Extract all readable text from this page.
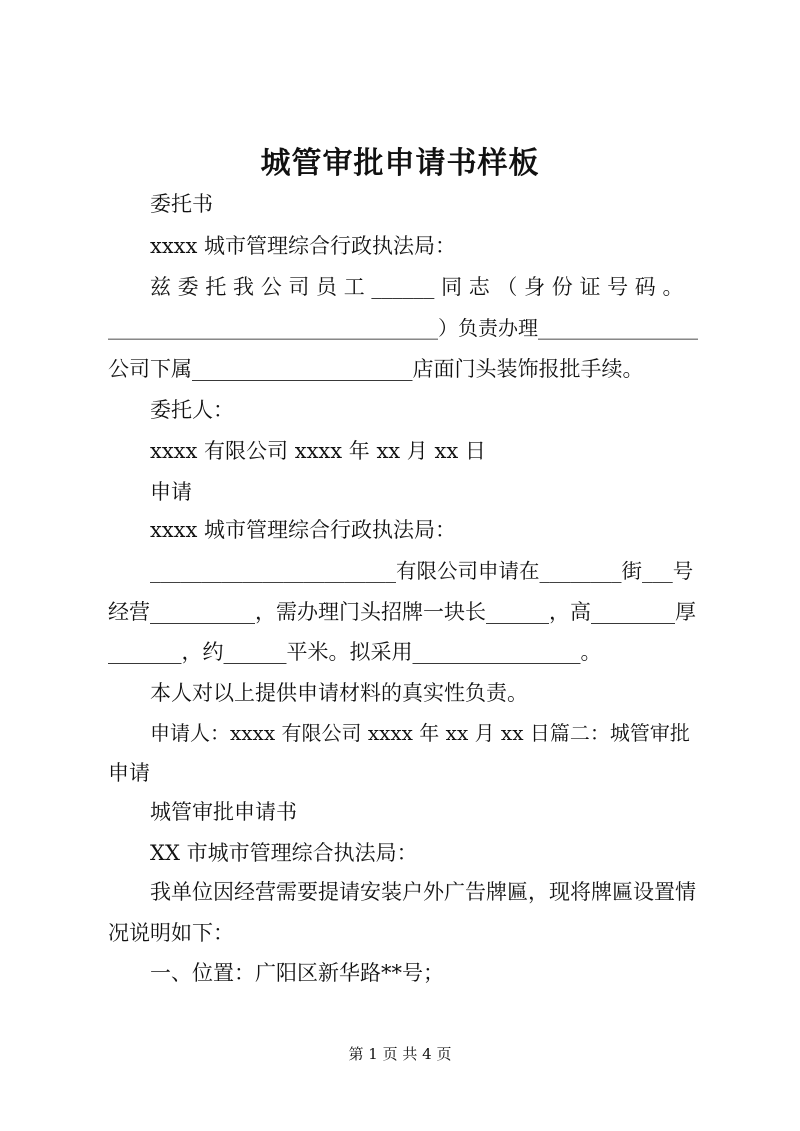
城管审批申请书样板
委托书
xxxx 城市管理综合行政执法局：
兹 委 托 我 公 司 员 工 ______ 同 志 （ 身 份 证 号 码 。
_________________________________）负责办理________________
公司下属_____________________店面门头装饰报批手续。
委托人：
xxxx 有限公司 xxxx 年 xx 月 xx 日
申请
xxxx 城市管理综合行政执法局：
________________________有限公司申请在________街___号
经营__________，需办理门头招牌一块长______，高________厚
_______，约______平米。拟采用________________。
本人对以上提供申请材料的真实性负责。
申请人：xxxx 有限公司 xxxx 年 xx 月 xx 日篇二：城管审批
申请
城管审批申请书
XX 市城市管理综合执法局：
我单位因经营需要提请安装户外广告牌匾，现将牌匾设置情
况说明如下：
一、位置：广阳区新华路**号；
第 1 页 共 4 页
